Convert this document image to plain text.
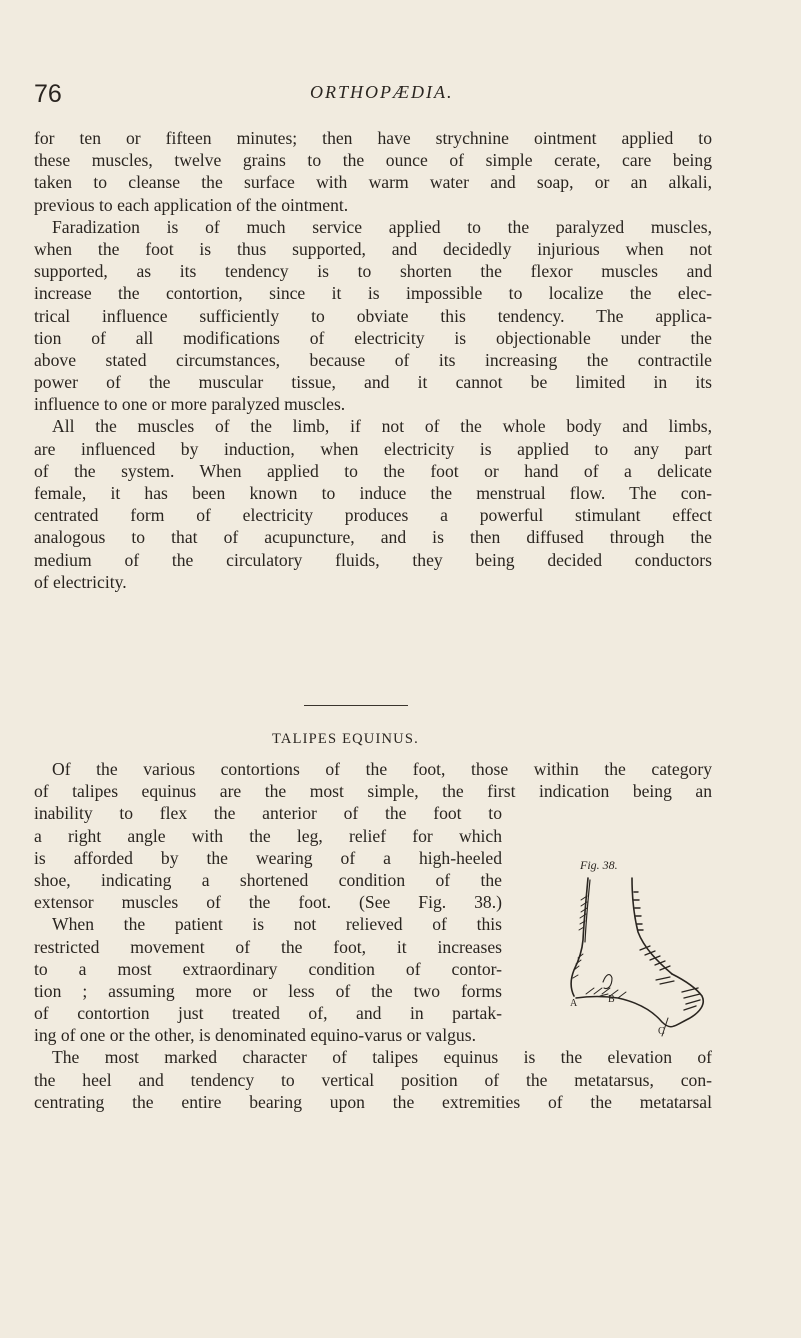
76	ORTHOPÆDIA.
for ten or fifteen minutes; then have strychnine ointment applied to
these muscles, twelve grains to the ounce of simple cerate, care being
taken to cleanse the surface with warm water and soap, or an alkali,
previous to each application of the ointment.
Faradization is of much service applied to the paralyzed muscles,
when the foot is thus supported, and decidedly injurious when not
supported, as its tendency is to shorten the flexor muscles and
increase the contortion, since it is impossible to localize the elec-
trical influence sufficiently to obviate this tendency. The applica-
tion of all modifications of electricity is objectionable under the
above stated circumstances, because of its increasing the contractile
power of the muscular tissue, and it cannot be limited in its
influence to one or more paralyzed muscles.
All the muscles of the limb, if not of the whole body and limbs,
are influenced by induction, when electricity is applied to any part
of the system. When applied to the foot or hand of a delicate
female, it has been known to induce the menstrual flow. The con-
centrated form of electricity produces a powerful stimulant effect
analogous to that of acupuncture, and is then diffused through the
medium of the circulatory fluids, they being decided conductors
of electricity.
TALIPES EQUINUS.
Of the various contortions of the foot, those within the category
of talipes equinus are the most simple, the first indication being an
inability to flex the anterior of the foot to
a right angle with the leg, relief for which
is afforded by the wearing of a high-heeled
shoe, indicating a shortened condition of the
extensor muscles of the foot. (See Fig. 38.)
When the patient is not relieved of this
restricted movement of the foot, it increases
to a most extraordinary condition of contor-
tion ; assuming more or less of the two forms
of contortion just treated of, and in partak-
ing of one or the other, is denominated equino-varus or valgus.
The most marked character of talipes equinus is the elevation of
the heel and tendency to vertical position of the metatarsus, con-
centrating the entire bearing upon the extremities of the metatarsal
Fig. 38.
A	B
C
